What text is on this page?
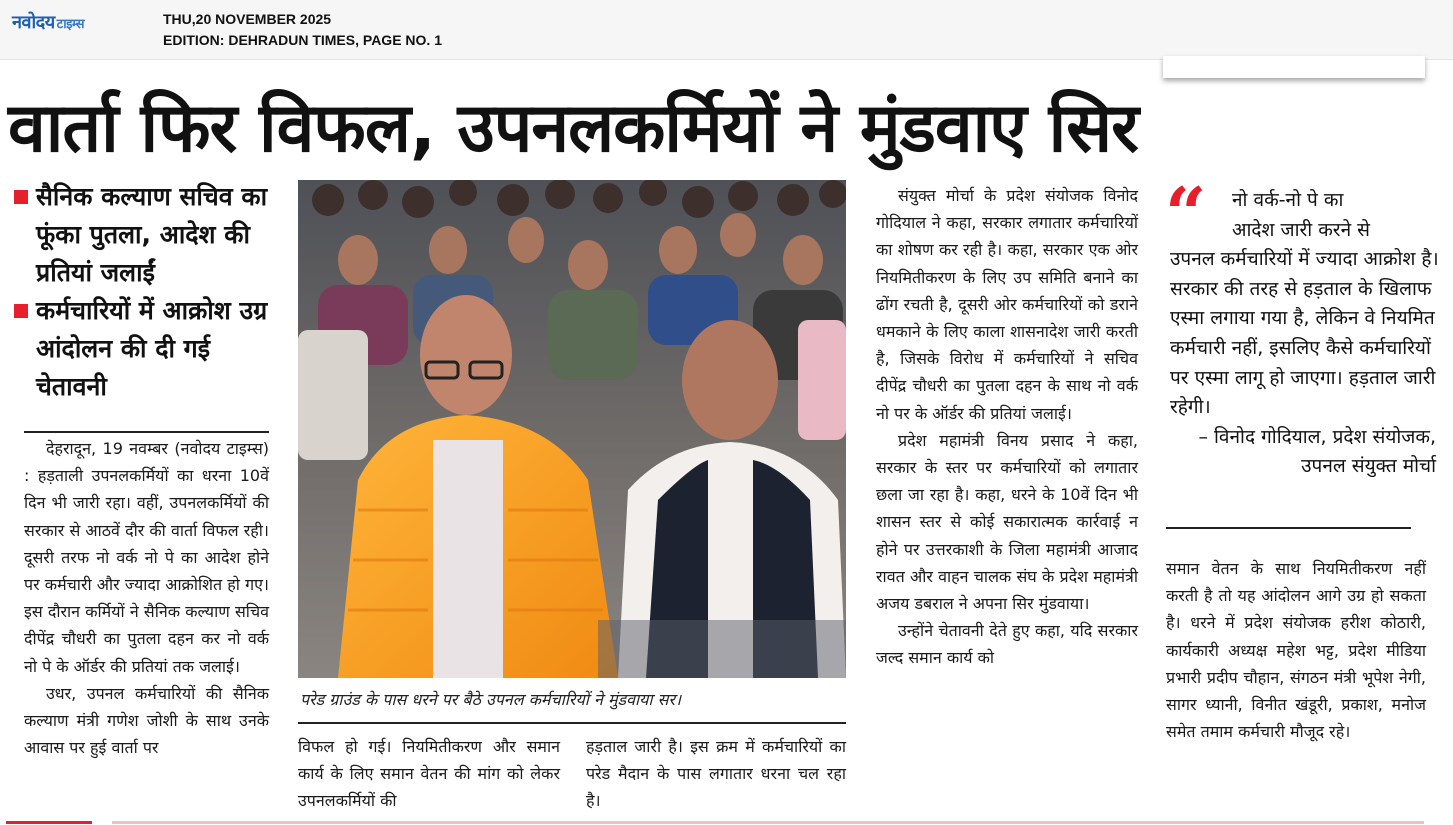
नवोदय टाइम्स	THU,20 NOVEMBER 2025
EDITION: DEHRADUN TIMES, PAGE NO. 1
वार्ता फिर विफल, उपनलकर्मियों ने मुंडवाए सिर
सैनिक कल्याण सचिव का फूंका पुतला, आदेश की प्रतियां जलाईं
कर्मचारियों में आक्रोश उग्र आंदोलन की दी गई चेतावनी

देहरादून, 19 नवम्बर (नवोदय टाइम्स) : हड़ताली उपनलकर्मियों का धरना 10वें दिन भी जारी रहा। वहीं, उपनलकर्मियों की सरकार से आठवें दौर की वार्ता विफल रही। दूसरी तरफ नो वर्क नो पे का आदेश होने पर कर्मचारी और ज्यादा आक्रोशित हो गए। इस दौरान कर्मियों ने सैनिक कल्याण सचिव दीपेंद्र चौधरी का पुतला दहन कर नो वर्क नो पे के ऑर्डर की प्रतियां तक जलाई।

उधर, उपनल कर्मचारियों की सैनिक कल्याण मंत्री गणेश जोशी के साथ उनके आवास पर हुई वार्ता पर

परेड ग्राउंड के पास धरने पर बैठे उपनल कर्मचारियों ने मुंडवाया सर।

विफल हो गई। नियमितीकरण और समान कार्य के लिए समान वेतन की मांग को लेकर उपनलकर्मियों की

हड़ताल जारी है। इस क्रम में कर्मचारियों का परेड मैदान के पास लगातार धरना चल रहा है।

संयुक्त मोर्चा के प्रदेश संयोजक विनोद गोदियाल ने कहा, सरकार लगातार कर्मचारियों का शोषण कर रही है। कहा, सरकार एक ओर नियमितीकरण के लिए उप समिति बनाने का ढोंग रचती है, दूसरी ओर कर्मचारियों को डराने धमकाने के लिए काला शासनादेश जारी करती है, जिसके विरोध में कर्मचारियों ने सचिव दीपेंद्र चौधरी का पुतला दहन के साथ नो वर्क नो पर के ऑर्डर की प्रतियां जलाई।

प्रदेश महामंत्री विनय प्रसाद ने कहा, सरकार के स्तर पर कर्मचारियों को लगातार छला जा रहा है। कहा, धरने के 10वें दिन भी शासन स्तर से कोई सकारात्मक कार्रवाई न होने पर उत्तरकाशी के जिला महामंत्री आजाद रावत और वाहन चालक संघ के प्रदेश महामंत्री अजय डबराल ने अपना सिर मुंडवाया।

उन्होंने चेतावनी देते हुए कहा, यदि सरकार जल्द समान कार्य को

“	नो वर्क-नो पे का
आदेश जारी करने से
उपनल कर्मचारियों में ज्यादा आक्रोश है। सरकार की तरह से हड़ताल के खिलाफ एस्मा लगाया गया है, लेकिन वे नियमित कर्मचारी नहीं, इसलिए कैसे कर्मचारियों पर एस्मा लागू हो जाएगा। हड़ताल जारी रहेगी।
– विनोद गोदियाल, प्रदेश संयोजक, उपनल संयुक्त मोर्चा

समान वेतन के साथ नियमितीकरण नहीं करती है तो यह आंदोलन आगे उग्र हो सकता है। धरने में प्रदेश संयोजक हरीश कोठारी, कार्यकारी अध्यक्ष महेश भट्ट, प्रदेश मीडिया प्रभारी प्रदीप चौहान, संगठन मंत्री भूपेश नेगी, सागर ध्यानी, विनीत खंडूरी, प्रकाश, मनोज समेत तमाम कर्मचारी मौजूद रहे।
